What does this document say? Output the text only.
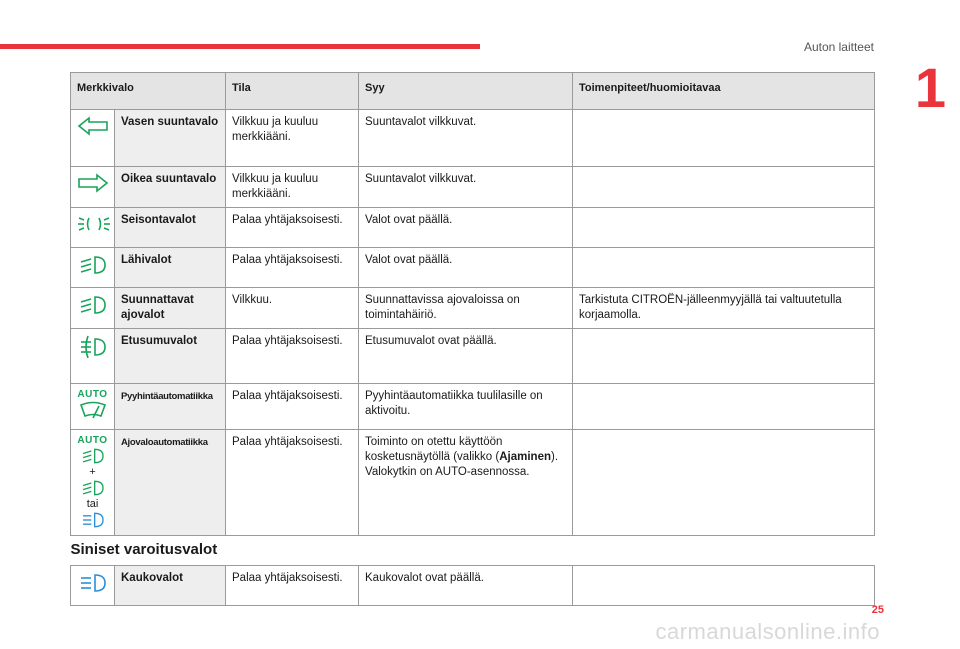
Auton laitteet
1
Merkkivalo		Tila	Syy	Toimenpiteet/huomioitavaa

	Vasen suuntavalo	Vilkkuu ja kuuluu merkkiääni.	Suuntavalot vilkkuvat.	

	Oikea suuntavalo	Vilkkuu ja kuuluu merkkiääni.	Suuntavalot vilkkuvat.	

	Seisontavalot	Palaa yhtäjaksoisesti.	Valot ovat päällä.	

	Lähivalot	Palaa yhtäjaksoisesti.	Valot ovat päällä.	

	Suunnattavat ajovalot	Vilkkuu.	Suunnattavissa ajovaloissa on toimintahäiriö.	Tarkistuta CITROËN-jälleenmyyjällä tai valtuutetulla korjaamolla.

	Etusumuvalot	Palaa yhtäjaksoisesti.	Etusumuvalot ovat päällä.	

AUTO	Pyyhintäautomatiikka	Palaa yhtäjaksoisesti.	Pyyhintäautomatiikka tuulilasille on aktivoitu.	

AUTO
+
tai	Ajovaloautomatiikka	Palaa yhtäjaksoisesti.	Toiminto on otettu käyttöön kosketusnäytöllä (valikko (Ajaminen).
Valokytkin on AUTO-asennossa.	
Siniset varoitusvalot				

	Kaukovalot	Palaa yhtäjaksoisesti.	Kaukovalot ovat päällä.	
25
carmanualsonline.info
